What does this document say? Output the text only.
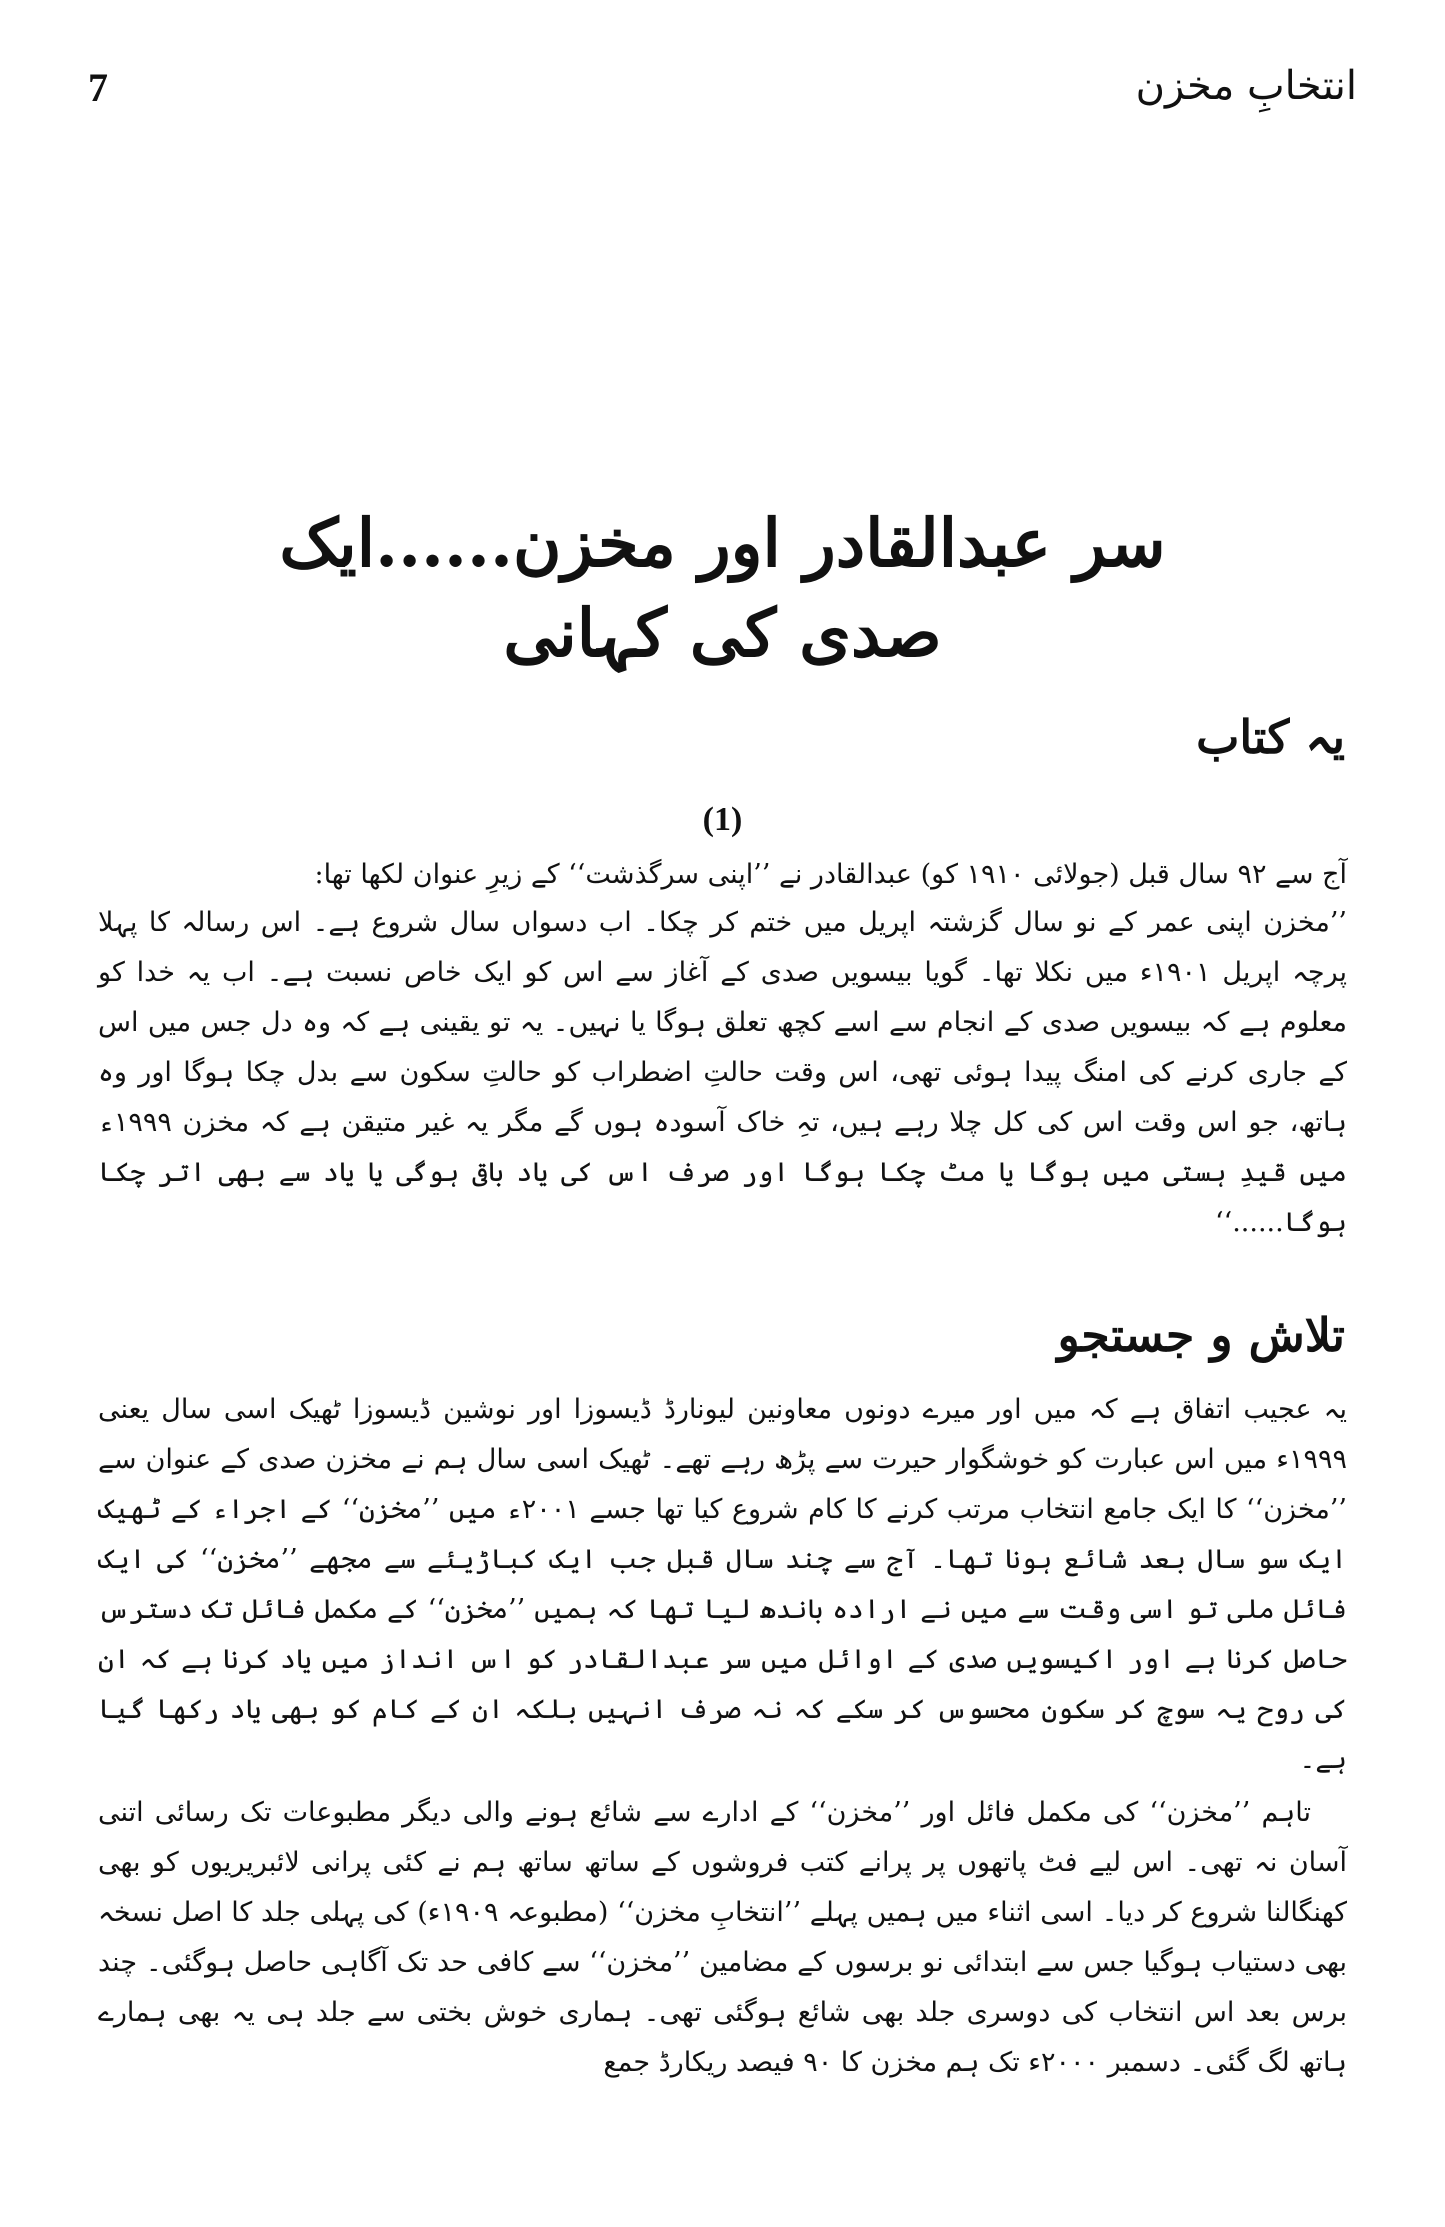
7	انتخابِ مخزن
سر عبدالقادر اور مخزن......ایک صدی کی کہانی
یہ کتاب
(1)

آج سے ۹۲ سال قبل (جولائی ۱۹۱۰ کو) عبدالقادر نے ’’اپنی سرگذشت‘‘ کے زیرِ عنوان لکھا تھا:

’’مخزن اپنی عمر کے نو سال گزشتہ اپریل میں ختم کر چکا۔ اب دسواں سال شروع ہے۔ اس رسالہ کا پہلا پرچہ اپریل ۱۹۰۱ء میں نکلا تھا۔ گویا بیسویں صدی کے آغاز سے اس کو ایک خاص نسبت ہے۔ اب یہ خدا کو معلوم ہے کہ بیسویں صدی کے انجام سے اسے کچھ تعلق ہوگا یا نہیں۔ یہ تو یقینی ہے کہ وہ دل جس میں اس کے جاری کرنے کی امنگ پیدا ہوئی تھی، اس وقت حالتِ اضطراب کو حالتِ سکون سے بدل چکا ہوگا اور وہ ہاتھ، جو اس وقت اس کی کل چلا رہے ہیں، تہِ خاک آسودہ ہوں گے مگر یہ غیر متیقن ہے کہ مخزن ۱۹۹۹ء میں قیدِ ہستی میں ہوگا یا مٹ چکا ہوگا اور صرف اس کی یاد باقی ہوگی یا یاد سے بھی اتر چکا ہوگا......‘‘

تلاش و جستجو

یہ عجیب اتفاق ہے کہ میں اور میرے دونوں معاونین لیونارڈ ڈیسوزا اور نوشین ڈیسوزا ٹھیک اسی سال یعنی ۱۹۹۹ء میں اس عبارت کو خوشگوار حیرت سے پڑھ رہے تھے۔ ٹھیک اسی سال ہم نے مخزن صدی کے عنوان سے ’’مخزن‘‘ کا ایک جامع انتخاب مرتب کرنے کا کام شروع کیا تھا جسے ۲۰۰۱ء میں ’’مخزن‘‘ کے اجراء کے ٹھیک ایک سو سال بعد شائع ہونا تھا۔ آج سے چند سال قبل جب ایک کباڑیئے سے مجھے ’’مخزن‘‘ کی ایک فائل ملی تو اسی وقت سے میں نے ارادہ باندھ لیا تھا کہ ہمیں ’’مخزن‘‘ کے مکمل فائل تک دسترس حاصل کرنا ہے اور اکیسویں صدی کے اوائل میں سر عبدالقادر کو اس انداز میں یاد کرنا ہے کہ ان کی روح یہ سوچ کر سکون محسوس کر سکے کہ نہ صرف انہیں بلکہ ان کے کام کو بھی یاد رکھا گیا ہے۔

تاہم ’’مخزن‘‘ کی مکمل فائل اور ’’مخزن‘‘ کے ادارے سے شائع ہونے والی دیگر مطبوعات تک رسائی اتنی آسان نہ تھی۔ اس لیے فٹ پاتھوں پر پرانے کتب فروشوں کے ساتھ ساتھ ہم نے کئی پرانی لائبریریوں کو بھی کھنگالنا شروع کر دیا۔ اسی اثناء میں ہمیں پہلے ’’انتخابِ مخزن‘‘ (مطبوعہ ۱۹۰۹ء) کی پہلی جلد کا اصل نسخہ بھی دستیاب ہوگیا جس سے ابتدائی نو برسوں کے مضامین ’’مخزن‘‘ سے کافی حد تک آگاہی حاصل ہوگئی۔ چند برس بعد اس انتخاب کی دوسری جلد بھی شائع ہوگئی تھی۔ ہماری خوش بختی سے جلد ہی یہ بھی ہمارے ہاتھ لگ گئی۔ دسمبر ۲۰۰۰ء تک ہم مخزن کا ۹۰ فیصد ریکارڈ جمع
